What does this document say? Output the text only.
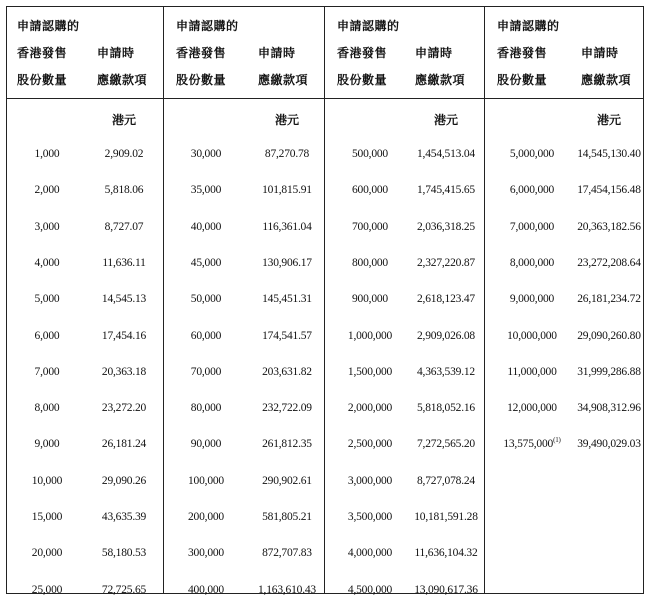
申請認購的
香港發售
股份數量
申請時
應繳款項
1,000
2,000
3,000
4,000
5,000
6,000
7,000
8,000
9,000
10,000
15,000
20,000
25,000
港元
2,909.02
5,818.06
8,727.07
11,636.11
14,545.13
17,454.16
20,363.18
23,272.20
26,181.24
29,090.26
43,635.39
58,180.53
72,725.65
申請認購的
香港發售
股份數量
申請時
應繳款項
30,000
35,000
40,000
45,000
50,000
60,000
70,000
80,000
90,000
100,000
200,000
300,000
400,000
港元
87,270.78
101,815.91
116,361.04
130,906.17
145,451.31
174,541.57
203,631.82
232,722.09
261,812.35
290,902.61
581,805.21
872,707.83
1,163,610.43
申請認購的
香港發售
股份數量
申請時
應繳款項
500,000
600,000
700,000
800,000
900,000
1,000,000
1,500,000
2,000,000
2,500,000
3,000,000
3,500,000
4,000,000
4,500,000
港元
1,454,513.04
1,745,415.65
2,036,318.25
2,327,220.87
2,618,123.47
2,909,026.08
4,363,539.12
5,818,052.16
7,272,565.20
8,727,078.24
10,181,591.28
11,636,104.32
13,090,617.36
申請認購的
香港發售
股份數量
申請時
應繳款項
5,000,000
6,000,000
7,000,000
8,000,000
9,000,000
10,000,000
11,000,000
12,000,000
13,575,000$^{(1)}$
港元
14,545,130.40
17,454,156.48
20,363,182.56
23,272,208.64
26,181,234.72
29,090,260.80
31,999,286.88
34,908,312.96
39,490,029.03
